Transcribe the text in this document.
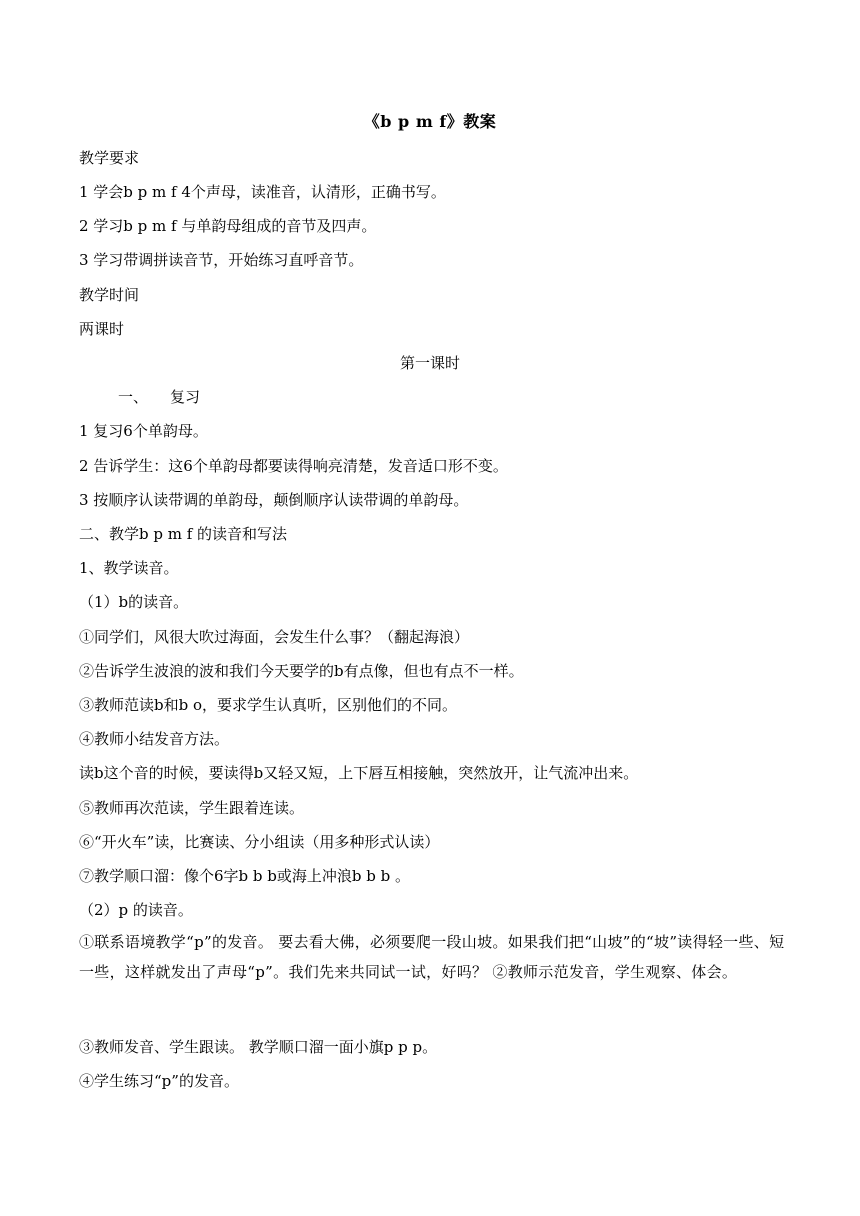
《b p m f》教案
教学要求
1 学会b p m f 4个声母，读准音，认清形，正确书写。
2 学习b p m f 与单韵母组成的音节及四声。
3 学习带调拼读音节，开始练习直呼音节。
教学时间
两课时
第一课时
一、 复习
1 复习6个单韵母。
2 告诉学生：这6个单韵母都要读得响亮清楚，发音适口形不变。
3 按顺序认读带调的单韵母，颠倒顺序认读带调的单韵母。
二、教学b p m f 的读音和写法
1、教学读音。
（1）b的读音。
①同学们，风很大吹过海面，会发生什么事？（翻起海浪）
②告诉学生波浪的波和我们今天要学的b有点像，但也有点不一样。
③教师范读b和b o，要求学生认真听，区别他们的不同。
④教师小结发音方法。
读b这个音的时候，要读得b又轻又短，上下唇互相接触，突然放开，让气流冲出来。
⑤教师再次范读，学生跟着连读。
⑥“开火车”读，比赛读、分小组读（用多种形式认读）
⑦教学顺口溜：像个6字b b b或海上冲浪b b b 。
（2）p 的读音。
①联系语境教学“p”的发音。 要去看大佛，必须要爬一段山坡。如果我们把“山坡”的“坡”读得轻一些、短一些，这样就发出了声母“p”。我们先来共同试一试，好吗？ ②教师示范发音，学生观察、体会。
③教师发音、学生跟读。 教学顺口溜一面小旗p p p。
④学生练习“p”的发音。
